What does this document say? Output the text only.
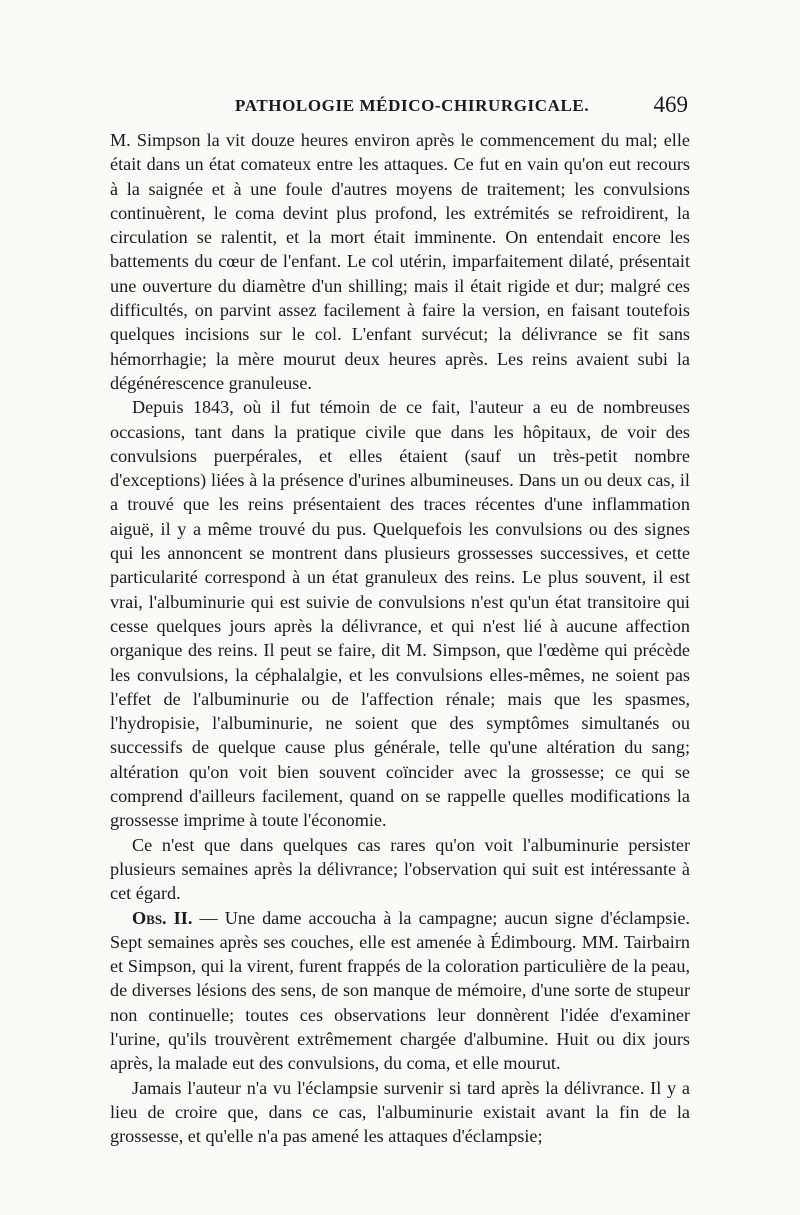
PATHOLOGIE MÉDICO-CHIRURGICALE.	469

M. Simpson la vit douze heures environ après le commencement du mal; elle était dans un état comateux entre les attaques. Ce fut en vain qu'on eut recours à la saignée et à une foule d'autres moyens de traitement; les convulsions continuèrent, le coma devint plus profond, les extrémités se refroidirent, la circulation se ralentit, et la mort était imminente. On entendait encore les battements du cœur de l'enfant. Le col utérin, imparfaitement dilaté, présentait une ouverture du diamètre d'un shilling; mais il était rigide et dur; malgré ces difficultés, on parvint assez facilement à faire la version, en faisant toutefois quelques incisions sur le col. L'enfant survécut; la délivrance se fit sans hémorrhagie; la mère mourut deux heures après. Les reins avaient subi la dégénérescence granuleuse.

Depuis 1843, où il fut témoin de ce fait, l'auteur a eu de nombreuses occasions, tant dans la pratique civile que dans les hôpitaux, de voir des convulsions puerpérales, et elles étaient (sauf un très-petit nombre d'exceptions) liées à la présence d'urines albumineuses. Dans un ou deux cas, il a trouvé que les reins présentaient des traces récentes d'une inflammation aiguë, il y a même trouvé du pus. Quelquefois les convulsions ou des signes qui les annoncent se montrent dans plusieurs grossesses successives, et cette particularité correspond à un état granuleux des reins. Le plus souvent, il est vrai, l'albuminurie qui est suivie de convulsions n'est qu'un état transitoire qui cesse quelques jours après la délivrance, et qui n'est lié à aucune affection organique des reins. Il peut se faire, dit M. Simpson, que l'œdème qui précède les convulsions, la céphalalgie, et les convulsions elles-mêmes, ne soient pas l'effet de l'albuminurie ou de l'affection rénale; mais que les spasmes, l'hydropisie, l'albuminurie, ne soient que des symptômes simultanés ou successifs de quelque cause plus générale, telle qu'une altération du sang; altération qu'on voit bien souvent coïncider avec la grossesse; ce qui se comprend d'ailleurs facilement, quand on se rappelle quelles modifications la grossesse imprime à toute l'économie.

Ce n'est que dans quelques cas rares qu'on voit l'albuminurie persister plusieurs semaines après la délivrance; l'observation qui suit est intéressante à cet égard.

Obs. II. — Une dame accoucha à la campagne; aucun signe d'éclampsie. Sept semaines après ses couches, elle est amenée à Édimbourg. MM. Tairbairn et Simpson, qui la virent, furent frappés de la coloration particulière de la peau, de diverses lésions des sens, de son manque de mémoire, d'une sorte de stupeur non continuelle; toutes ces observations leur donnèrent l'idée d'examiner l'urine, qu'ils trouvèrent extrêmement chargée d'albumine. Huit ou dix jours après, la malade eut des convulsions, du coma, et elle mourut.

Jamais l'auteur n'a vu l'éclampsie survenir si tard après la délivrance. Il y a lieu de croire que, dans ce cas, l'albuminurie existait avant la fin de la grossesse, et qu'elle n'a pas amené les attaques d'éclampsie;
